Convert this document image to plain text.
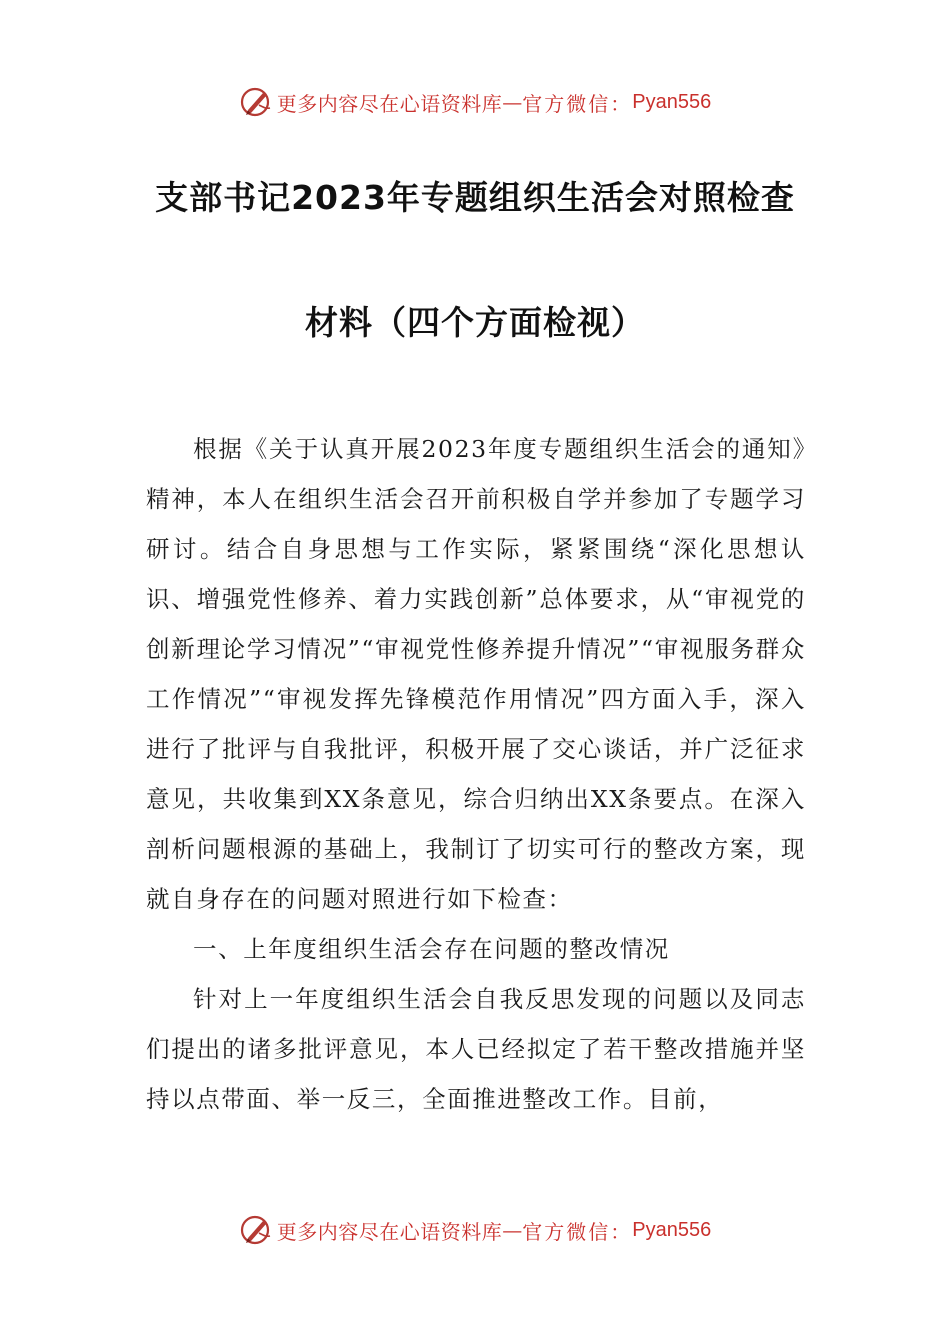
更多内容尽在心语资料库 — 官方微信： Pyan556
支部书记2023年专题组织生活会对照检查
材料（四个方面检视）

根据《关于认真开展2023年度专题组织生活会的通知》精神，本人在组织生活会召开前积极自学并参加了专题学习研讨。结合自身思想与工作实际，紧紧围绕“深化思想认识、增强党性修养、着力实践创新”总体要求，从“审视党的创新理论学习情况”“审视党性修养提升情况”“审视服务群众工作情况”“审视发挥先锋模范作用情况”四方面入手，深入进行了批评与自我批评，积极开展了交心谈话，并广泛征求意见，共收集到XX条意见，综合归纳出XX条要点。在深入剖析问题根源的基础上，我制订了切实可行的整改方案，现就自身存在的问题对照进行如下检查：

一、上年度组织生活会存在问题的整改情况

针对上一年度组织生活会自我反思发现的问题以及同志们提出的诸多批评意见，本人已经拟定了若干整改措施并坚持以点带面、举一反三，全面推进整改工作。目前，

更多内容尽在心语资料库 — 官方微信： Pyan556
